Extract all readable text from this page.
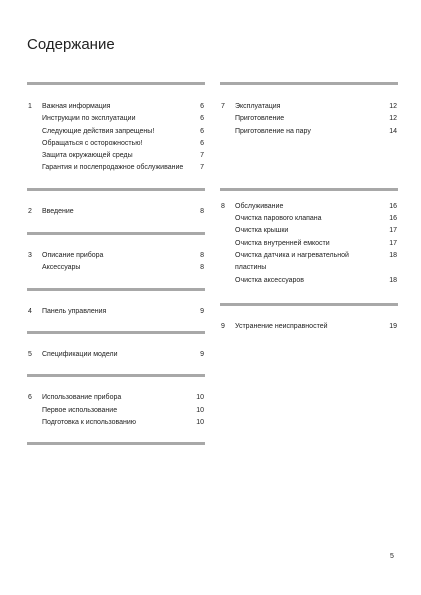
Содержание
1 Важная информация	6
Инструкции по эксплуатации	6
Следующие действия запрещены!	6
Обращаться с осторожностью!	6
Защита окружающей среды	7
Гарантия и послепродажное обслуживание 7
2 Введение	8
3 Описание прибора	8
Аксессуары	8
4 Панель управления	9
5 Спецификации модели	9
6 Использование прибора	10
Первое использование	10
Подготовка к использованию	10
7 Эксплуатация	12
Приготовление	12
Приготовление на пару	14
8 Обслуживание	16
Очистка парового клапана	16
Очистка крышки	17
Очистка внутренней емкости	17
Очистка датчика и нагревательной	18
пластины
Очистка аксессуаров	18
9 Устранение неисправностей	19
5
